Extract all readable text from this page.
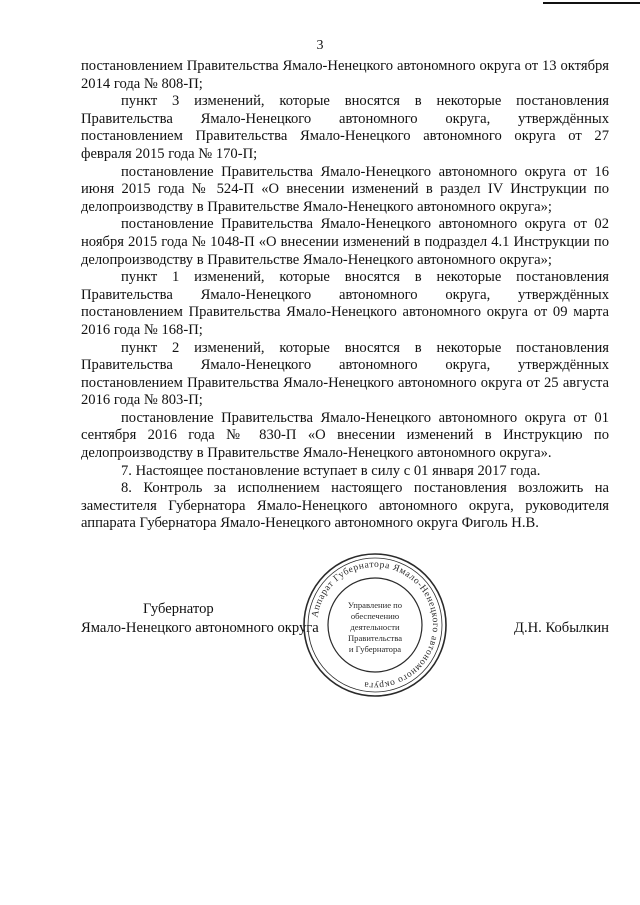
3

постановлением Правительства Ямало-Ненецкого автономного округа от 13 октября 2014 года № 808-П;

пункт 3 изменений, которые вносятся в некоторые постановления Правительства Ямало-Ненецкого автономного округа, утверждённых постановлением Правительства Ямало-Ненецкого автономного округа от 27 февраля 2015 года № 170-П;

постановление Правительства Ямало-Ненецкого автономного округа от 16 июня 2015 года № 524-П «О внесении изменений в раздел IV Инструкции по делопроизводству в Правительстве Ямало-Ненецкого автономного округа»;

постановление Правительства Ямало-Ненецкого автономного округа от 02 ноября 2015 года № 1048-П «О внесении изменений в подраздел 4.1 Инструкции по делопроизводству в Правительстве Ямало-Ненецкого автономного округа»;

пункт 1 изменений, которые вносятся в некоторые постановления Правительства Ямало-Ненецкого автономного округа, утверждённых постановлением Правительства Ямало-Ненецкого автономного округа от 09 марта 2016 года № 168-П;

пункт 2 изменений, которые вносятся в некоторые постановления Правительства Ямало-Ненецкого автономного округа, утверждённых постановлением Правительства Ямало-Ненецкого автономного округа от 25 августа 2016 года № 803-П;

постановление Правительства Ямало-Ненецкого автономного округа от 01 сентября 2016 года № 830-П «О внесении изменений в Инструкцию по делопроизводству в Правительстве Ямало-Ненецкого автономного округа».

7. Настоящее постановление вступает в силу с 01 января 2017 года.

8. Контроль за исполнением настоящего постановления возложить на заместителя Губернатора Ямало-Ненецкого автономного округа, руководителя аппарата Губернатора Ямало-Ненецкого автономного округа Фиголь Н.В.

Губернатор
Ямало-Ненецкого автономного округа	Д.Н. Кобылкин
Аппарат Губернатора Ямало-Ненецкого автономного округа
Управление по
обеспечению
деятельности
Правительства
и Губернатора
